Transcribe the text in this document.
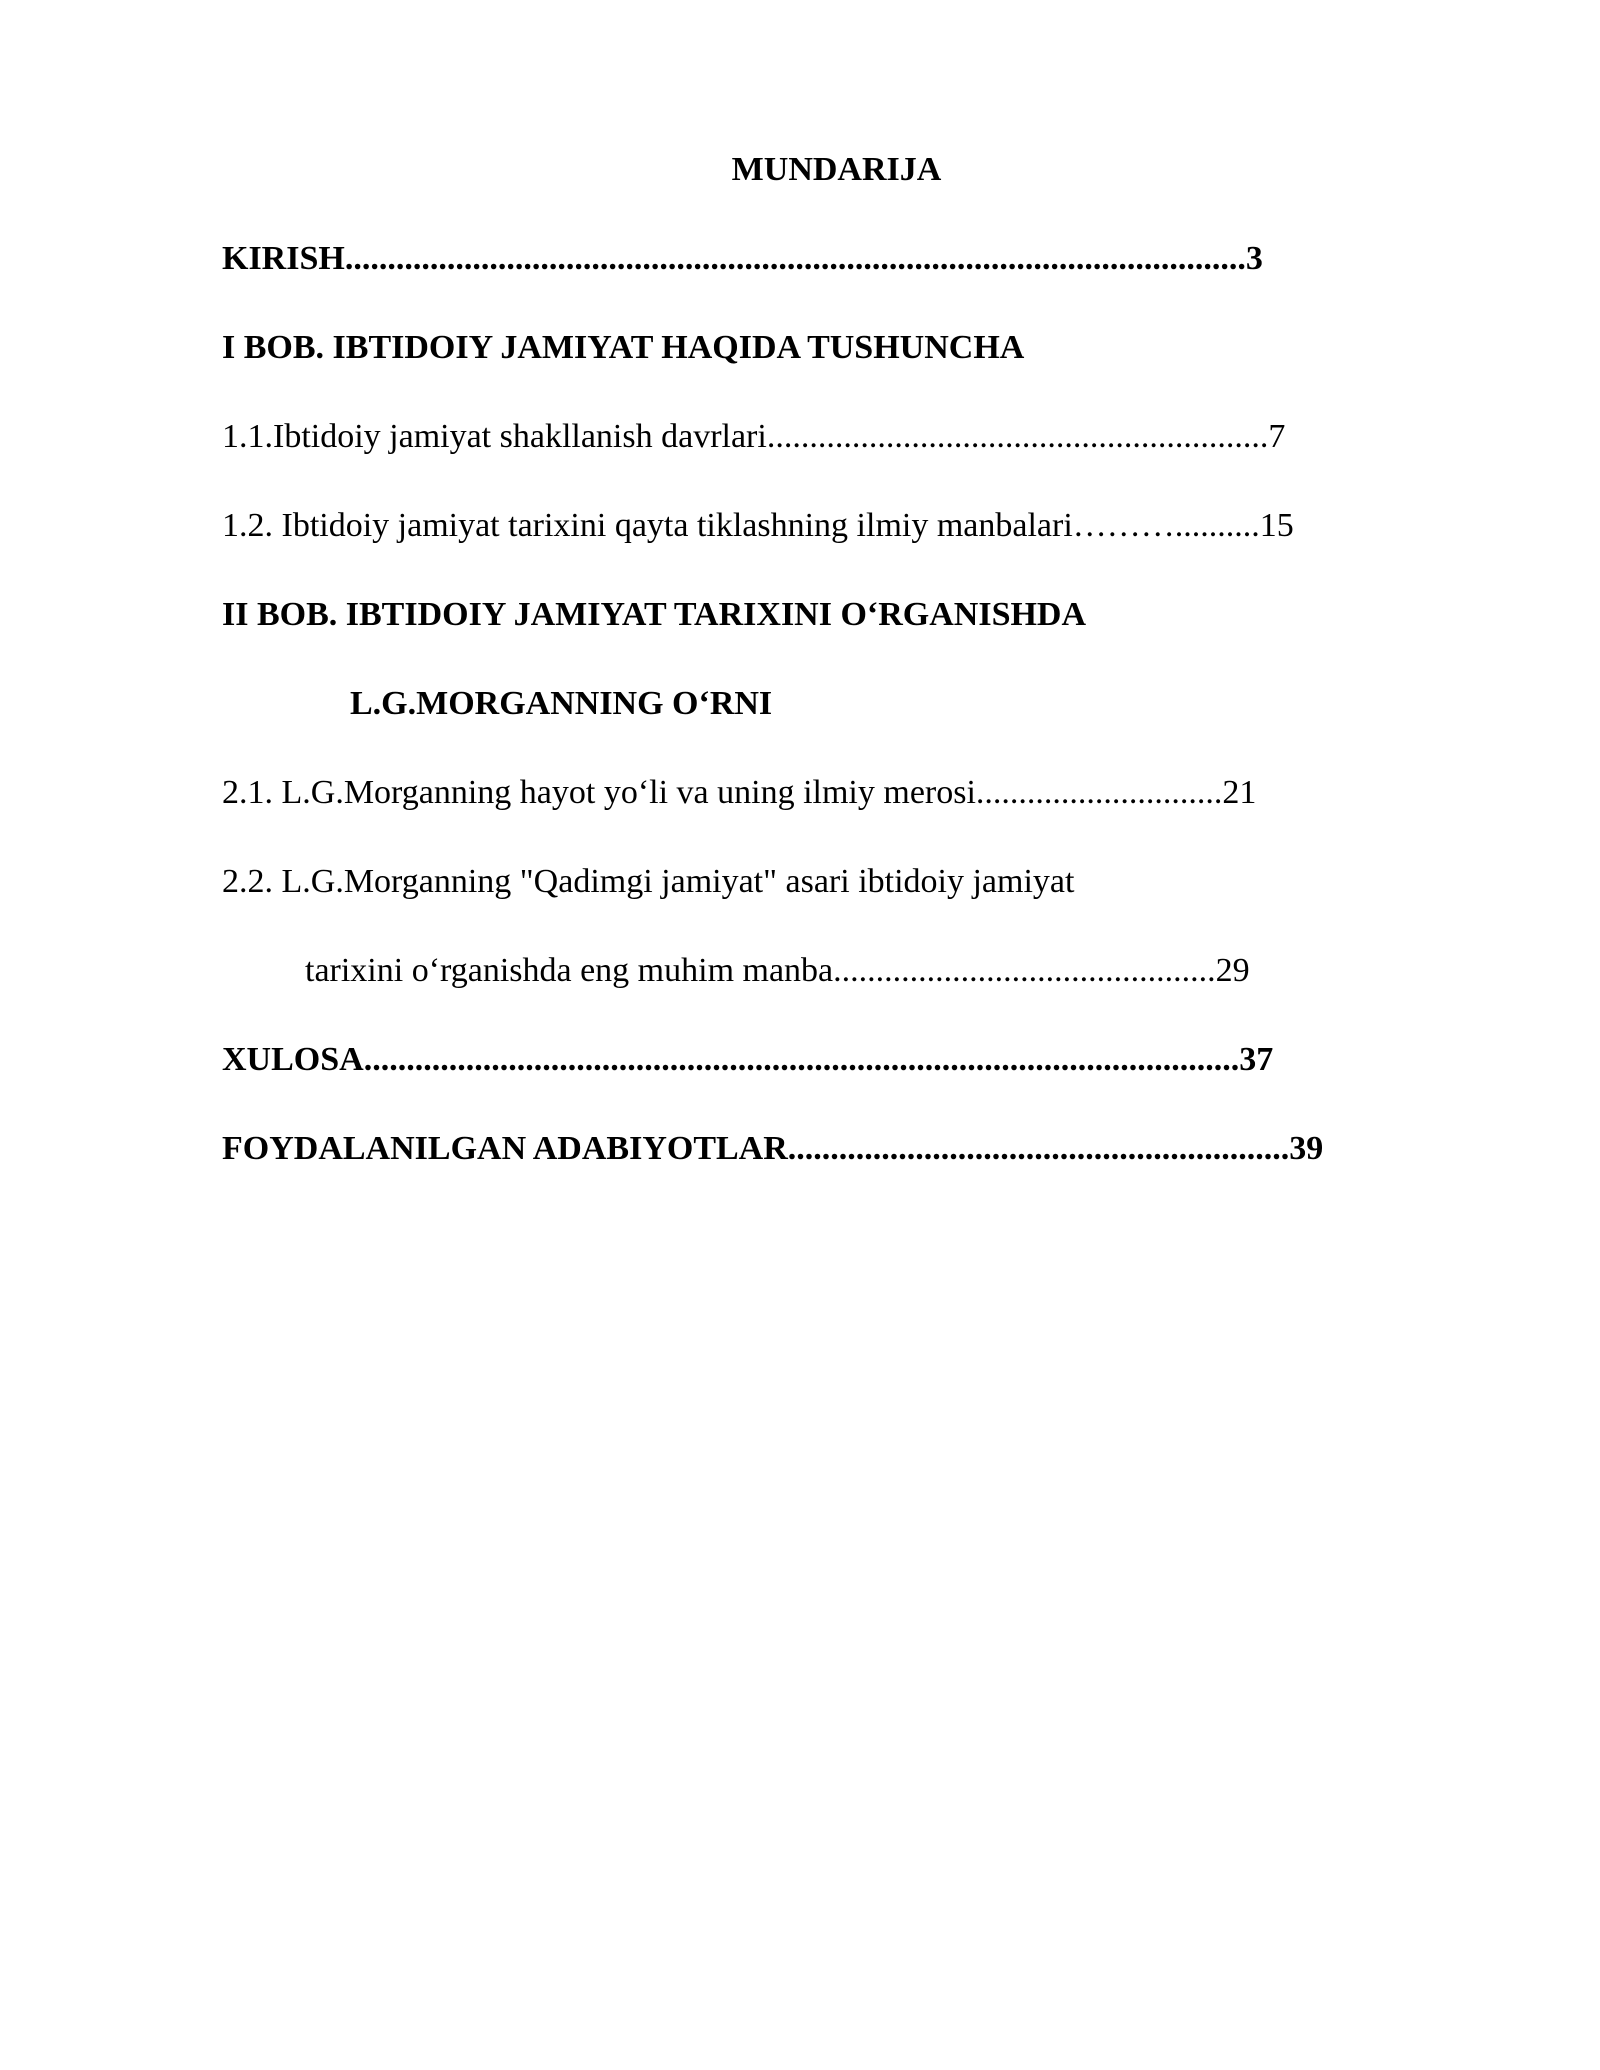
MUNDARIJA
KIRISH..........................................................................................................3
I BOB. IBTIDOIY JAMIYAT HAQIDA TUSHUNCHA
1.1.Ibtidoiy jamiyat shakllanish davrlari...........................................................7
1.2. Ibtidoiy jamiyat tarixini qayta tiklashning ilmiy manbalari………..........15
II BOB. IBTIDOIY JAMIYAT TARIXINI O‘RGANISHDA
L.G.MORGANNING O‘RNI
2.1. L.G.Morganning hayot yo‘li va uning ilmiy merosi.............................21
2.2. L.G.Morganning "Qadimgi jamiyat" asari ibtidoiy jamiyat
tarixini o‘rganishda eng muhim manba.............................................29
XULOSA.......................................................................................................37
FOYDALANILGAN ADABIYOTLAR...........................................................39
